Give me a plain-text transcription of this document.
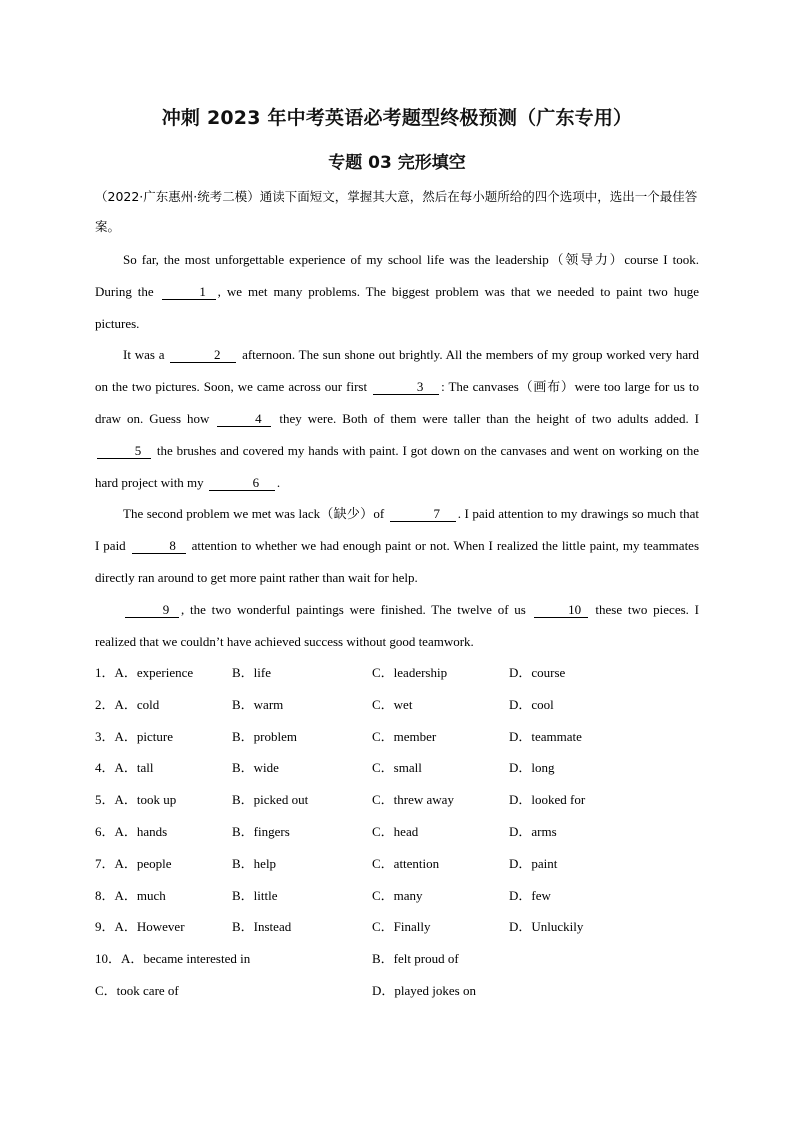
冲刺 2023 年中考英语必考题型终极预测（广东专用）
专题 03 完形填空
（2022·广东惠州·统考二模）通读下面短文，掌握其大意，然后在每小题所给的四个选项中，选出一个最佳答案。

So far, the most unforgettable experience of my school life was the leadership（领导力）course I took. During the	1 , we met many problems. The biggest problem was that we needed to paint two huge pictures.

It was a	2 afternoon. The sun shone out brightly. All the members of my group worked very hard on the two pictures. Soon, we came across our first	3 : The canvases（画布）were too large for us to draw on. Guess how	4 they were. Both of them were taller than the height of two adults added. I 5 the brushes and covered my hands with paint. I got down on the canvases and went on working on the hard project with my	6 .

The second problem we met was lack（缺少）of	7 . I paid attention to my drawings so much that I paid	8 attention to whether we had enough paint or not. When I realized the little paint, my teammates directly ran around to get more paint rather than wait for help.

9 , the two wonderful paintings were finished. The twelve of us	10 these two pieces. I realized that we couldn’t have achieved success without good teamwork.

1．A．experience	B．life	C．leadership	D．course
2．A．cold	B．warm	C．wet	D．cool
3．A．picture	B．problem	C．member	D．teammate
4．A．tall	B．wide	C．small	D．long
5．A．took up	B．picked out	C．threw away	D．looked for
6．A．hands	B．fingers	C．head	D．arms
7．A．people	B．help	C．attention	D．paint
8．A．much	B．little	C．many	D．few
9．A．However	B．Instead	C．Finally	D．Unluckily
10．A．became interested in	B．felt proud of
C．took care of	D．played jokes on
